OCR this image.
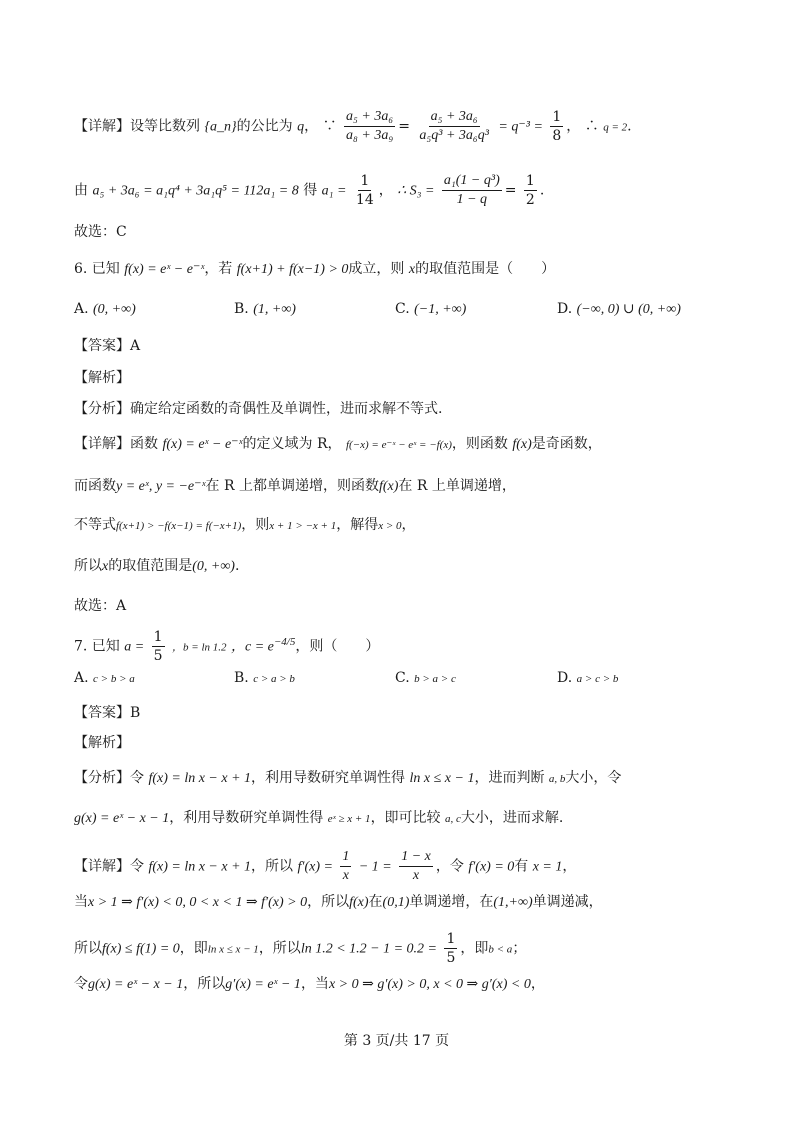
【详解】设等比数列 {a_n}的公比为 q， ∵ $\frac{\text{a₅ + 3a₆}}{\text{a₈ + 3a₉}} = \frac{\text{a₅ + 3a₆}}{\text{a₅q³ + 3a₆q³}} = q^{-3} = \frac{1}{8}$ ， ∴ q = 2.
由 a₅ + 3a₆ = a₁q⁴ + 3a₁q⁵ = 112a₁ = 8 得 $a_1 = \frac{1}{14}$ ， ∴ $S_3 = \frac{\text{a₁(1 − q³)}}{1 - q} = \frac{1}{2}$ .
故选：C
6. 已知 f(x) = eˣ − e⁻ˣ，若 f(x+1) + f(x−1) > 0成立，则 x的取值范围是（　　）
A. (0, +∞)	B. (1, +∞)	C. (−1, +∞)	D. (−∞, 0) ∪ (0, +∞)
【答案】A
【解析】
【分析】确定给定函数的奇偶性及单调性，进而求解不等式.
【详解】函数 f(x) = eˣ − e⁻ˣ的定义域为 R， f(−x) = e⁻ˣ − eˣ = −f(x)，则函数 f(x)是奇函数，
而函数y = eˣ, y = −e⁻ˣ在 R 上都单调递增，则函数f(x)在 R 上单调递增，
不等式f(x+1) > −f(x−1) = f(−x+1)，则x + 1 > −x + 1，解得x > 0，
所以x的取值范围是(0, +∞).
故选：A
7. 已知 $a = \frac{1}{5}$ ，b = ln 1.2 ，$c = e^{-4/5}$，则（　　）
A. c > b > a	B. c > a > b	C. b > a > c	D. a > c > b
【答案】B
【解析】
【分析】令 f(x) = ln x − x + 1，利用导数研究单调性得 ln x ≤ x − 1，进而判断 a, b大小，令
g(x) = eˣ − x − 1，利用导数研究单调性得 eˣ ≥ x + 1，即可比较 a, c大小，进而求解.
【详解】令 f(x) = ln x − x + 1，所以 $f'(x) = \frac{1}{x} - 1 = \frac{1 - x}{x}$ ，令 f′(x) = 0有 x = 1，
当x > 1 ⇒ f′(x) < 0, 0 < x < 1 ⇒ f′(x) > 0，所以f(x)在(0,1)单调递增，在(1,+∞)单调递减，
所以f(x) ≤ f(1) = 0，即ln x ≤ x − 1，所以$\ln 1.2 < 1.2 - 1 = 0.2 = \frac{1}{5}$ ，即b < a；
令g(x) = eˣ − x − 1，所以g′(x) = eˣ − 1，当x > 0 ⇒ g′(x) > 0, x < 0 ⇒ g′(x) < 0，
第 3 页/共 17 页
